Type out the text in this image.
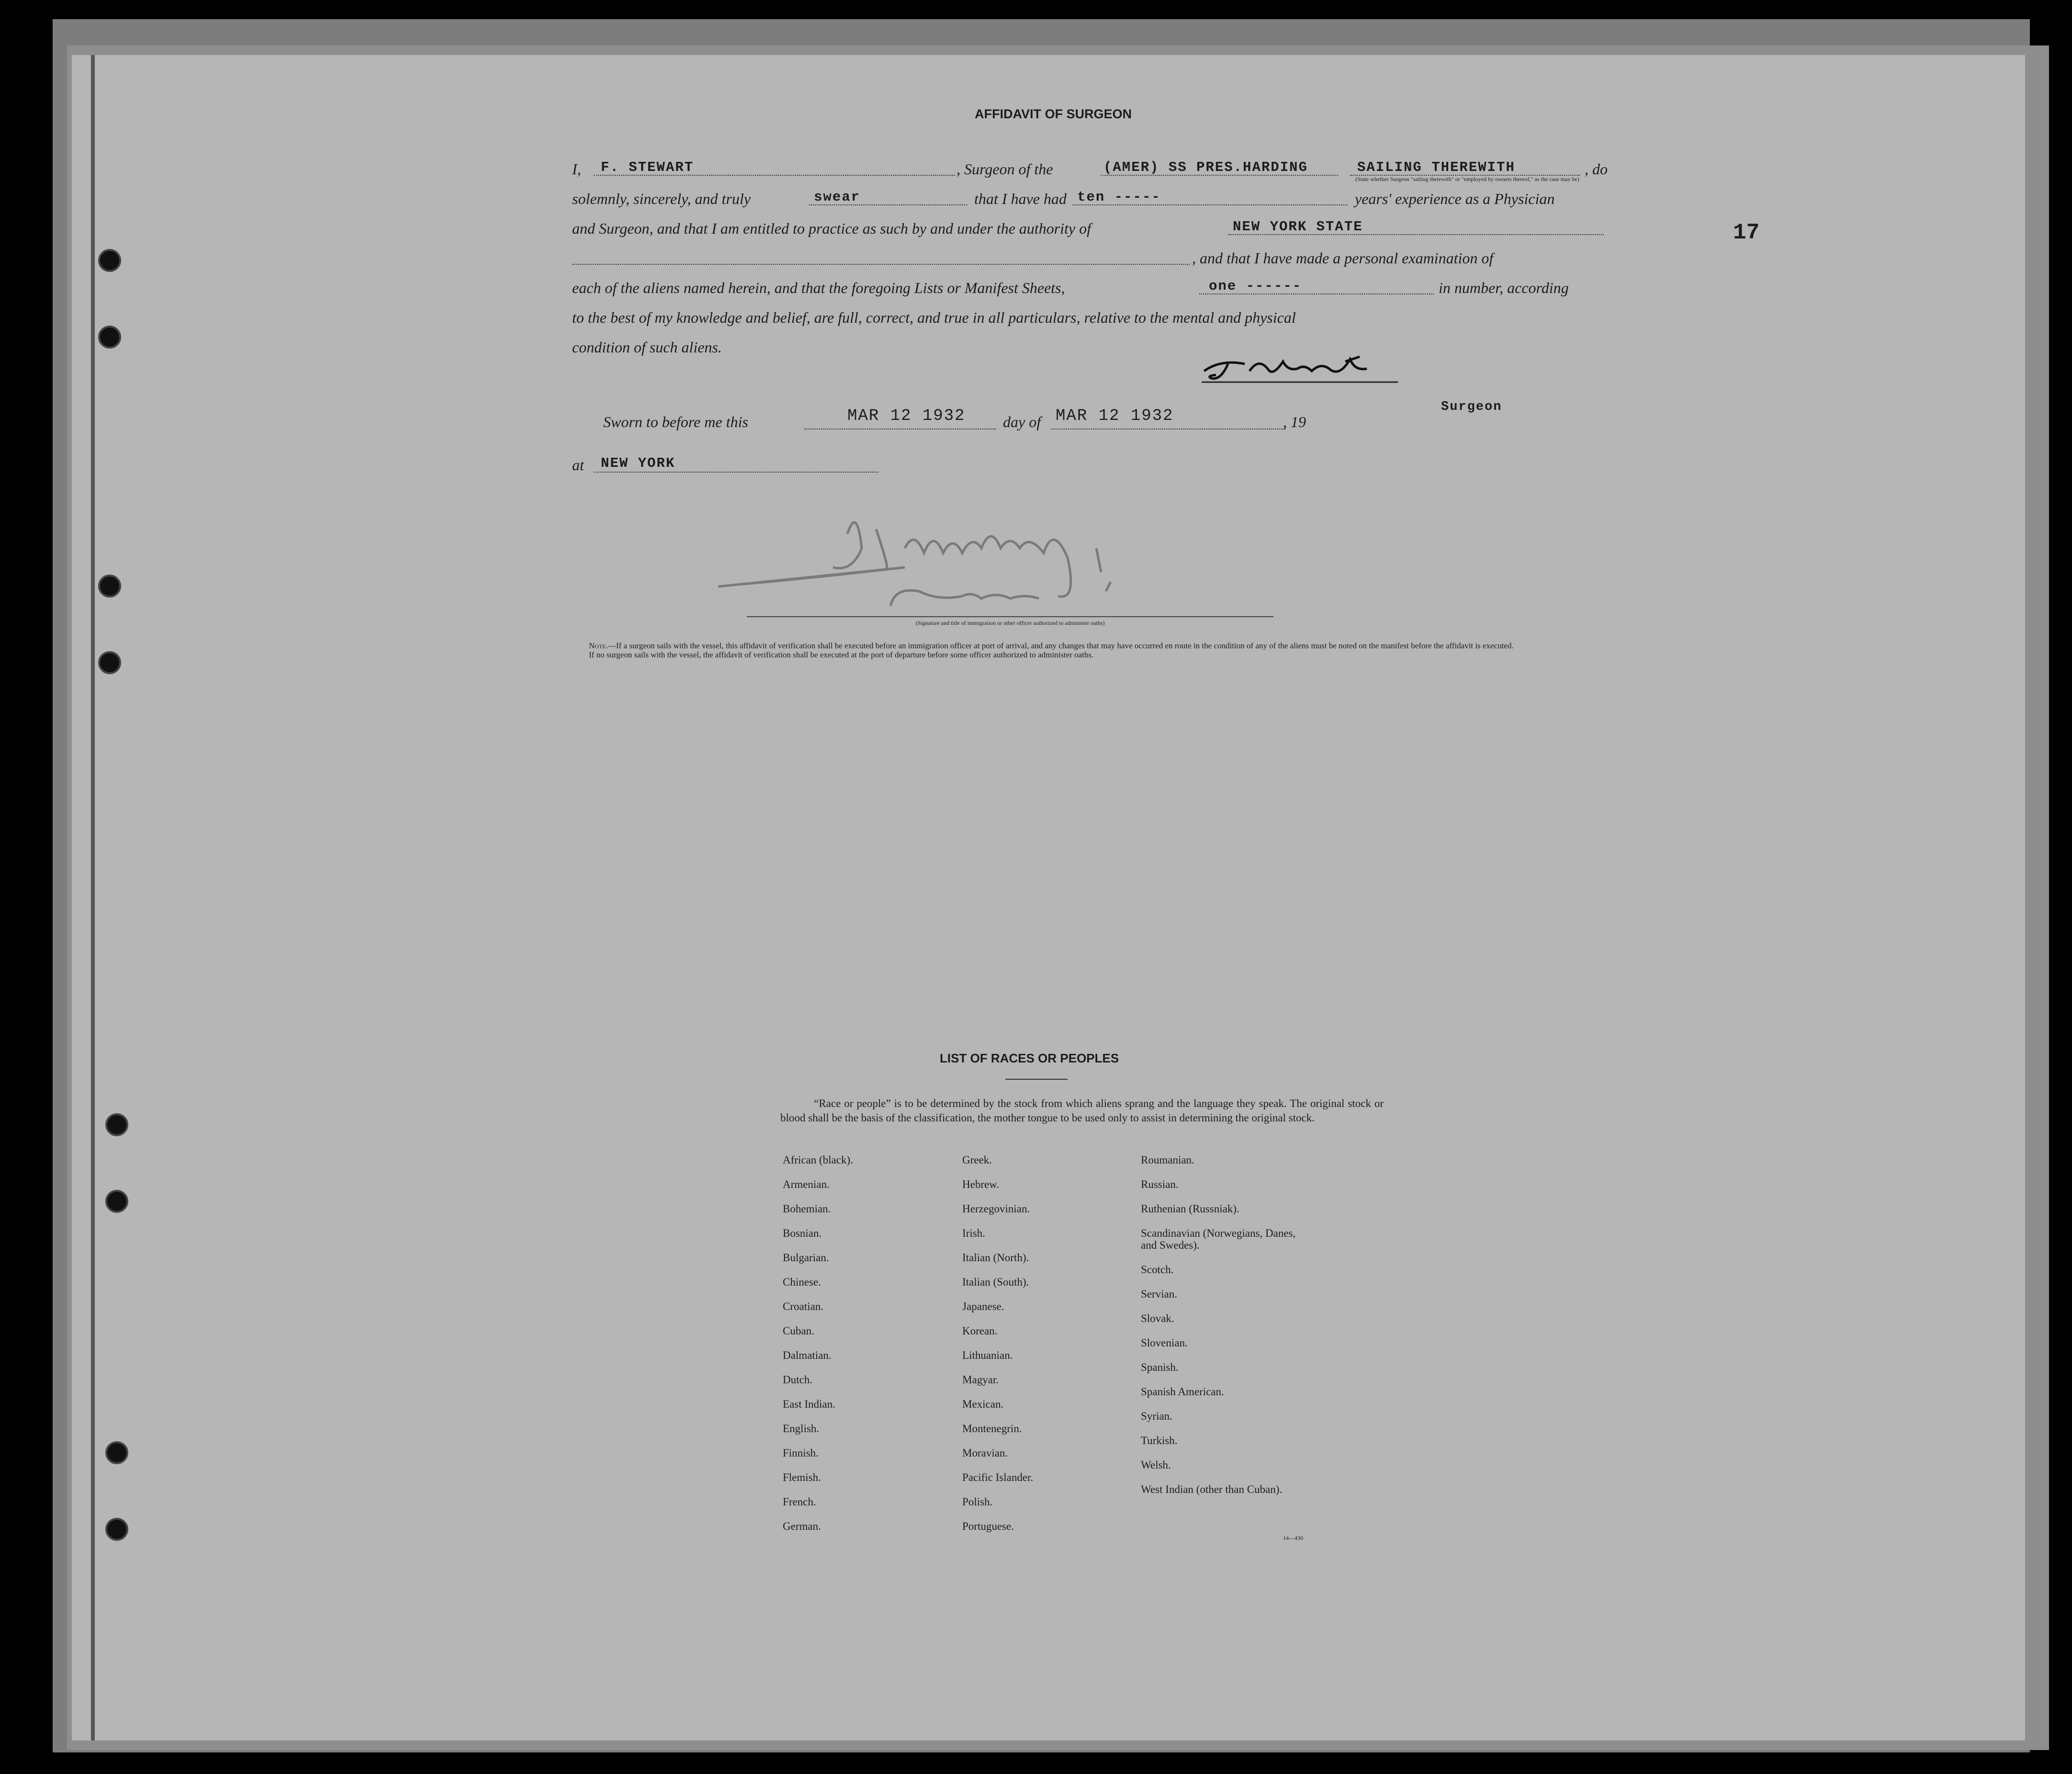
17
AFFIDAVIT OF SURGEON
I, F. STEWART	, Surgeon of the	(AMER) SS PRES.HARDING	SAILING THEREWITH	, do
(State whether Surgeon "sailing therewith" or "employed by owners thereof," as the case may be)
solemnly, sincerely, and truly	swear	that I have had ten -----	years' experience as a Physician
and Surgeon, and that I am entitled to practice as such by and under the authority of	NEW YORK STATE
, and that I have made a personal examination of
each of the aliens named herein, and that the foregoing Lists or Manifest Sheets,	one ------	in number, according
to the best of my knowledge and belief, are full, correct, and true in all particulars, relative to the mental and physical
condition of such aliens.
Surgeon
Sworn to before me this	MAR 12 1932 day of MAR 12 1932	, 19
at NEW YORK
(Signature and title of immigration or other officer authorized to administer oaths)
Note.—If a surgeon sails with the vessel, this affidavit of verification shall be executed before an immigration officer at port of arrival, and any changes that may have occurred en route in the condition of any of the aliens must be noted on the manifest before the affidavit is executed.
If no surgeon sails with the vessel, the affidavit of verification shall be executed at the port of departure before some officer authorized to administer oaths.
LIST OF RACES OR PEOPLES
“Race or people” is to be determined by the stock from which aliens sprang and the language they speak. The original stock or blood shall be the basis of the classification, the mother tongue to be used only to assist in determining the original stock.

African (black).

Armenian.

Bohemian.

Bosnian.

Bulgarian.

Chinese.

Croatian.

Cuban.

Dalmatian.

Dutch.

East Indian.

English.

Finnish.

Flemish.

French.

German.

Greek.

Hebrew.

Herzegovinian.

Irish.

Italian (North).

Italian (South).

Japanese.

Korean.

Lithuanian.

Magyar.

Mexican.

Montenegrin.

Moravian.

Pacific Islander.

Polish.

Portuguese.

Roumanian.

Russian.

Ruthenian (Russniak).

Scandinavian (Norwegians, Danes, and Swedes).

Scotch.

Servian.

Slovak.

Slovenian.

Spanish.

Spanish American.

Syrian.

Turkish.

Welsh.

West Indian (other than Cuban).

14—430
